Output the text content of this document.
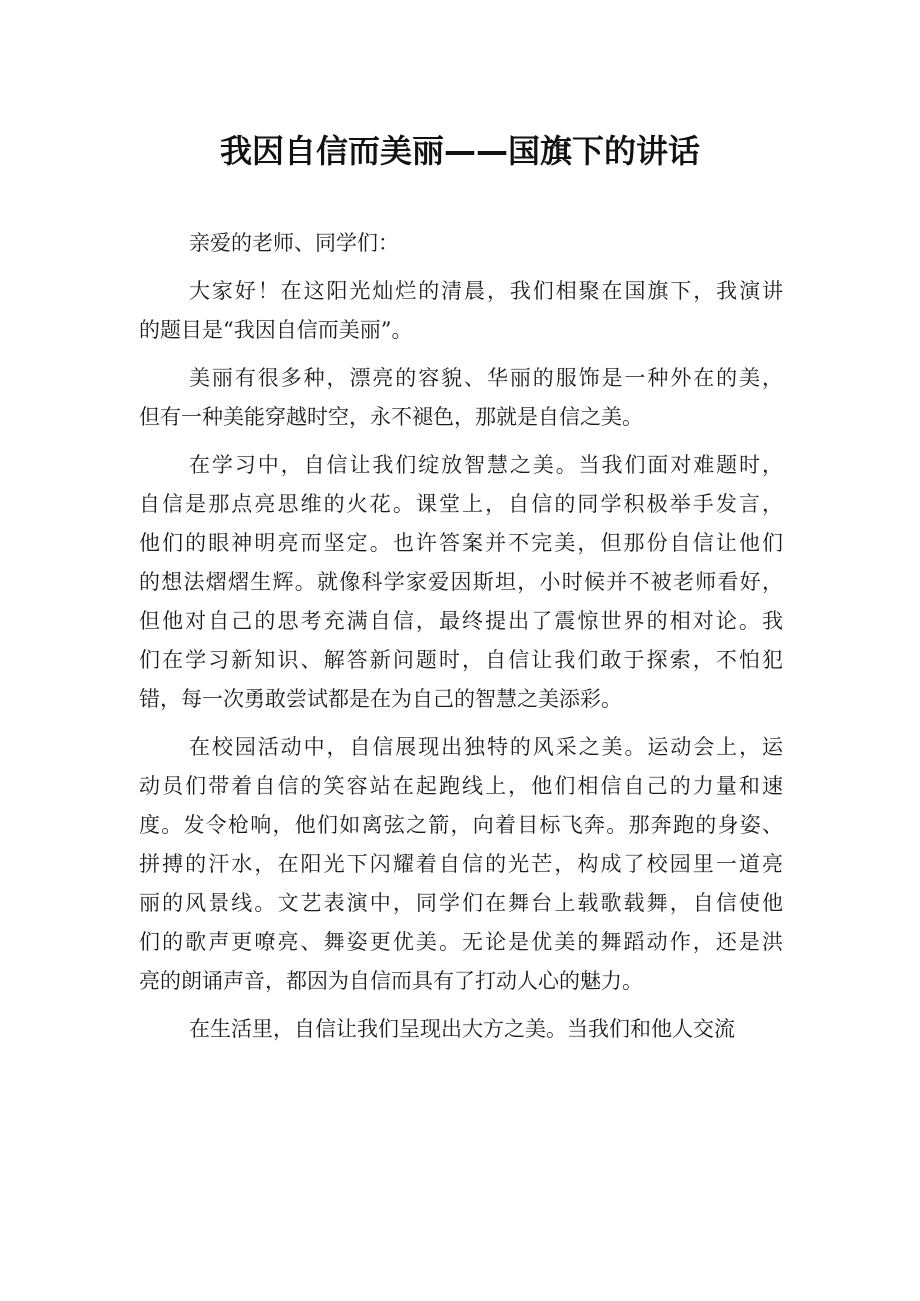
我因自信而美丽——国旗下的讲话

亲爱的老师、同学们：

大家好！在这阳光灿烂的清晨，我们相聚在国旗下，我演讲
的题目是“我因自信而美丽”。

美丽有很多种，漂亮的容貌、华丽的服饰是一种外在的美，
但有一种美能穿越时空，永不褪色，那就是自信之美。

在学习中，自信让我们绽放智慧之美。当我们面对难题时，
自信是那点亮思维的火花。课堂上，自信的同学积极举手发言，
他们的眼神明亮而坚定。也许答案并不完美，但那份自信让他们
的想法熠熠生辉。就像科学家爱因斯坦，小时候并不被老师看好，
但他对自己的思考充满自信，最终提出了震惊世界的相对论。我
们在学习新知识、解答新问题时，自信让我们敢于探索，不怕犯
错，每一次勇敢尝试都是在为自己的智慧之美添彩。

在校园活动中，自信展现出独特的风采之美。运动会上，运
动员们带着自信的笑容站在起跑线上，他们相信自己的力量和速
度。发令枪响，他们如离弦之箭，向着目标飞奔。那奔跑的身姿、
拼搏的汗水，在阳光下闪耀着自信的光芒，构成了校园里一道亮
丽的风景线。文艺表演中，同学们在舞台上载歌载舞，自信使他
们的歌声更嘹亮、舞姿更优美。无论是优美的舞蹈动作，还是洪
亮的朗诵声音，都因为自信而具有了打动人心的魅力。

在生活里，自信让我们呈现出大方之美。当我们和他人交流
